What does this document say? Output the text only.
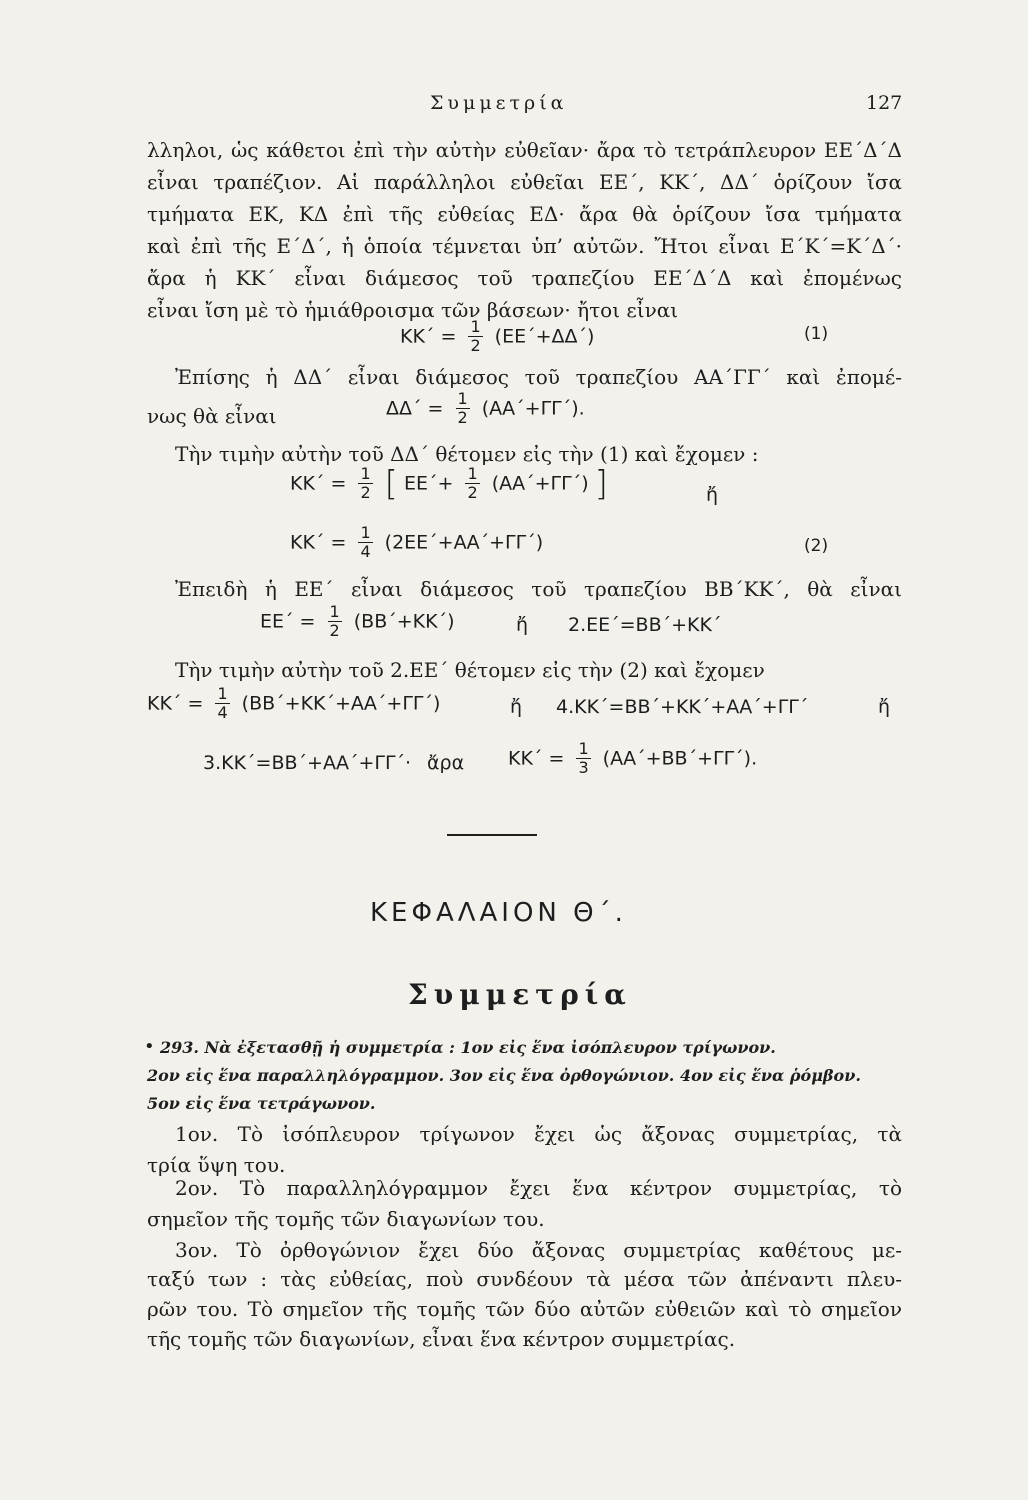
Συμμετρία	127
λληλοι, ὡς κάθετοι ἐπὶ τὴν αὐτὴν εὐθεῖαν· ἄρα τὸ τετράπλευρον ΕΕ΄Δ΄Δ
εἶναι τραπέζιον. Αἱ παράλληλοι εὐθεῖαι ΕΕ΄, ΚΚ΄, ΔΔ΄ ὁρίζουν ἴσα
τμήματα ΕΚ, ΚΔ ἐπὶ τῆς εὐθείας ΕΔ· ἄρα θὰ ὁρίζουν ἴσα τμήματα
καὶ ἐπὶ τῆς Ε΄Δ΄, ἡ ὁποία τέμνεται ὑπ’ αὐτῶν. Ἤτοι εἶναι Ε΄Κ΄=Κ΄Δ΄·
ἄρα ἡ ΚΚ΄ εἶναι διάμεσος τοῦ τραπεζίου ΕΕ΄Δ΄Δ καὶ ἐπομένως
εἶναι ἴση μὲ τὸ ἡμιάθροισμα τῶν βάσεων· ἤτοι εἶναι
$KK΄ = \frac{1}{2} (EE΄+\Delta\Delta΄)$	(1)
Ἐπίσης ἡ ΔΔ΄ εἶναι διάμεσος τοῦ τραπεζίου ΑΑ΄ΓΓ΄ καὶ ἐπομέ-
νως θὰ εἶναι	$\Delta\Delta΄ = \frac{1}{2} (AA΄+\Gamma\Gamma΄)$.
Τὴν τιμὴν αὐτὴν τοῦ ΔΔ΄ θέτομεν εἰς τὴν (1) καὶ ἔχομεν :
$KK΄ = \frac{1}{2}$ [ $EE΄+ \frac{1}{2} (AA΄+\Gamma\Gamma΄)$ ]	ἤ
$KK΄ = \frac{1}{4} (2EE΄+AA΄+\Gamma\Gamma΄)$	(2)
Ἐπειδὴ ἡ ΕΕ΄ εἶναι διάμεσος τοῦ τραπεζίου ΒΒ΄ΚΚ΄, θὰ εἶναι
$EE΄ = \frac{1}{2} (BB΄+KK΄)$	ἤ 2.ΕΕ΄=ΒΒ΄+ΚΚ΄
Τὴν τιμὴν αὐτὴν τοῦ 2.ΕΕ΄ θέτομεν εἰς τὴν (2) καὶ ἔχομεν
$KK΄ = \frac{1}{4} (BB΄+KK΄+AA΄+\Gamma\Gamma΄)$	ἤ 4.ΚΚ΄=ΒΒ΄+ΚΚ΄+ΑΑ΄+ΓΓ΄	ἤ
3.ΚΚ΄=ΒΒ΄+ΑΑ΄+ΓΓ΄· ἄρα $KK΄ = \frac{1}{3} (AA΄+BB΄+\Gamma\Gamma΄)$.
ΚΕΦΑΛΑΙΟΝ Θ΄.
Συμμετρία
• 293. Νὰ ἐξετασθῇ ἡ συμμετρία : 1ον εἰς ἕνα ἰσόπλευρον τρίγωνον.
2ον εἰς ἕνα παραλληλόγραμμον. 3ον εἰς ἕνα ὀρθογώνιον. 4ον εἰς ἕνα ῥόμβον.
5ον εἰς ἕνα τετράγωνον.
1ον. Τὸ ἰσόπλευρον τρίγωνον ἔχει ὡς ἄξονας συμμετρίας, τὰ
τρία ὕψη του.
2ον. Τὸ παραλληλόγραμμον ἔχει ἕνα κέντρον συμμετρίας, τὸ
σημεῖον τῆς τομῆς τῶν διαγωνίων του.
3ον. Τὸ ὀρθογώνιον ἔχει δύο ἄξονας συμμετρίας καθέτους με-
ταξύ των : τὰς εὐθείας, ποὺ συνδέουν τὰ μέσα τῶν ἀπέναντι πλευ-
ρῶν του. Τὸ σημεῖον τῆς τομῆς τῶν δύο αὐτῶν εὐθειῶν καὶ τὸ σημεῖον
τῆς τομῆς τῶν διαγωνίων, εἶναι ἕνα κέντρον συμμετρίας.
